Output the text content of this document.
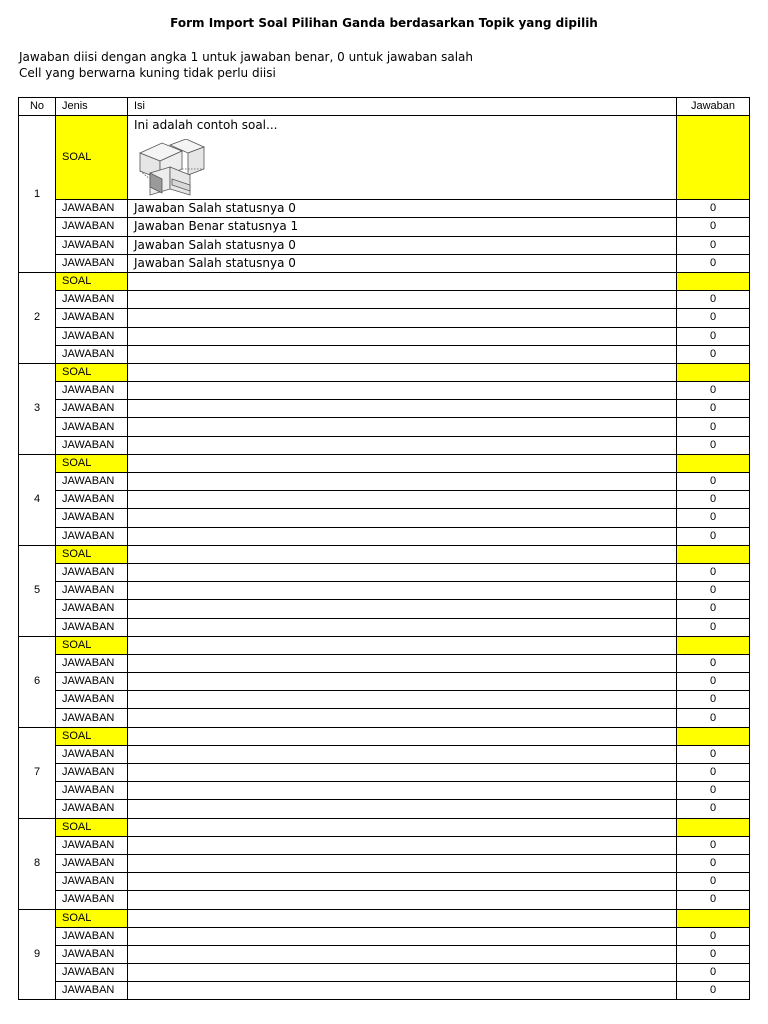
Form Import Soal Pilihan Ganda berdasarkan Topik yang dipilih
Jawaban diisi dengan angka 1 untuk jawaban benar, 0 untuk jawaban salah
Cell yang berwarna kuning tidak perlu diisi
No	Jenis	Isi	Jawaban
1	SOAL	Ini adalah contoh soal...	

	JAWABAN	Jawaban Salah statusnya 0	0
	JAWABAN	Jawaban Benar statusnya 1	0
	JAWABAN	Jawaban Salah statusnya 0	0
	JAWABAN	Jawaban Salah statusnya 0	0
2	SOAL	

	JAWABAN		0
	JAWABAN		0
	JAWABAN		0
	JAWABAN		0
3	SOAL	

	JAWABAN		0
	JAWABAN		0
	JAWABAN		0
	JAWABAN		0
4	SOAL	

	JAWABAN		0
	JAWABAN		0
	JAWABAN		0
	JAWABAN		0
5	SOAL	

	JAWABAN		0
	JAWABAN		0
	JAWABAN		0
	JAWABAN		0
6	SOAL	

	JAWABAN		0
	JAWABAN		0
	JAWABAN		0
	JAWABAN		0
7	SOAL	

	JAWABAN		0
	JAWABAN		0
	JAWABAN		0
	JAWABAN		0
8	SOAL	

	JAWABAN		0
	JAWABAN		0
	JAWABAN		0
	JAWABAN		0
9	SOAL	

	JAWABAN		0
	JAWABAN		0
	JAWABAN		0
	JAWABAN		0
